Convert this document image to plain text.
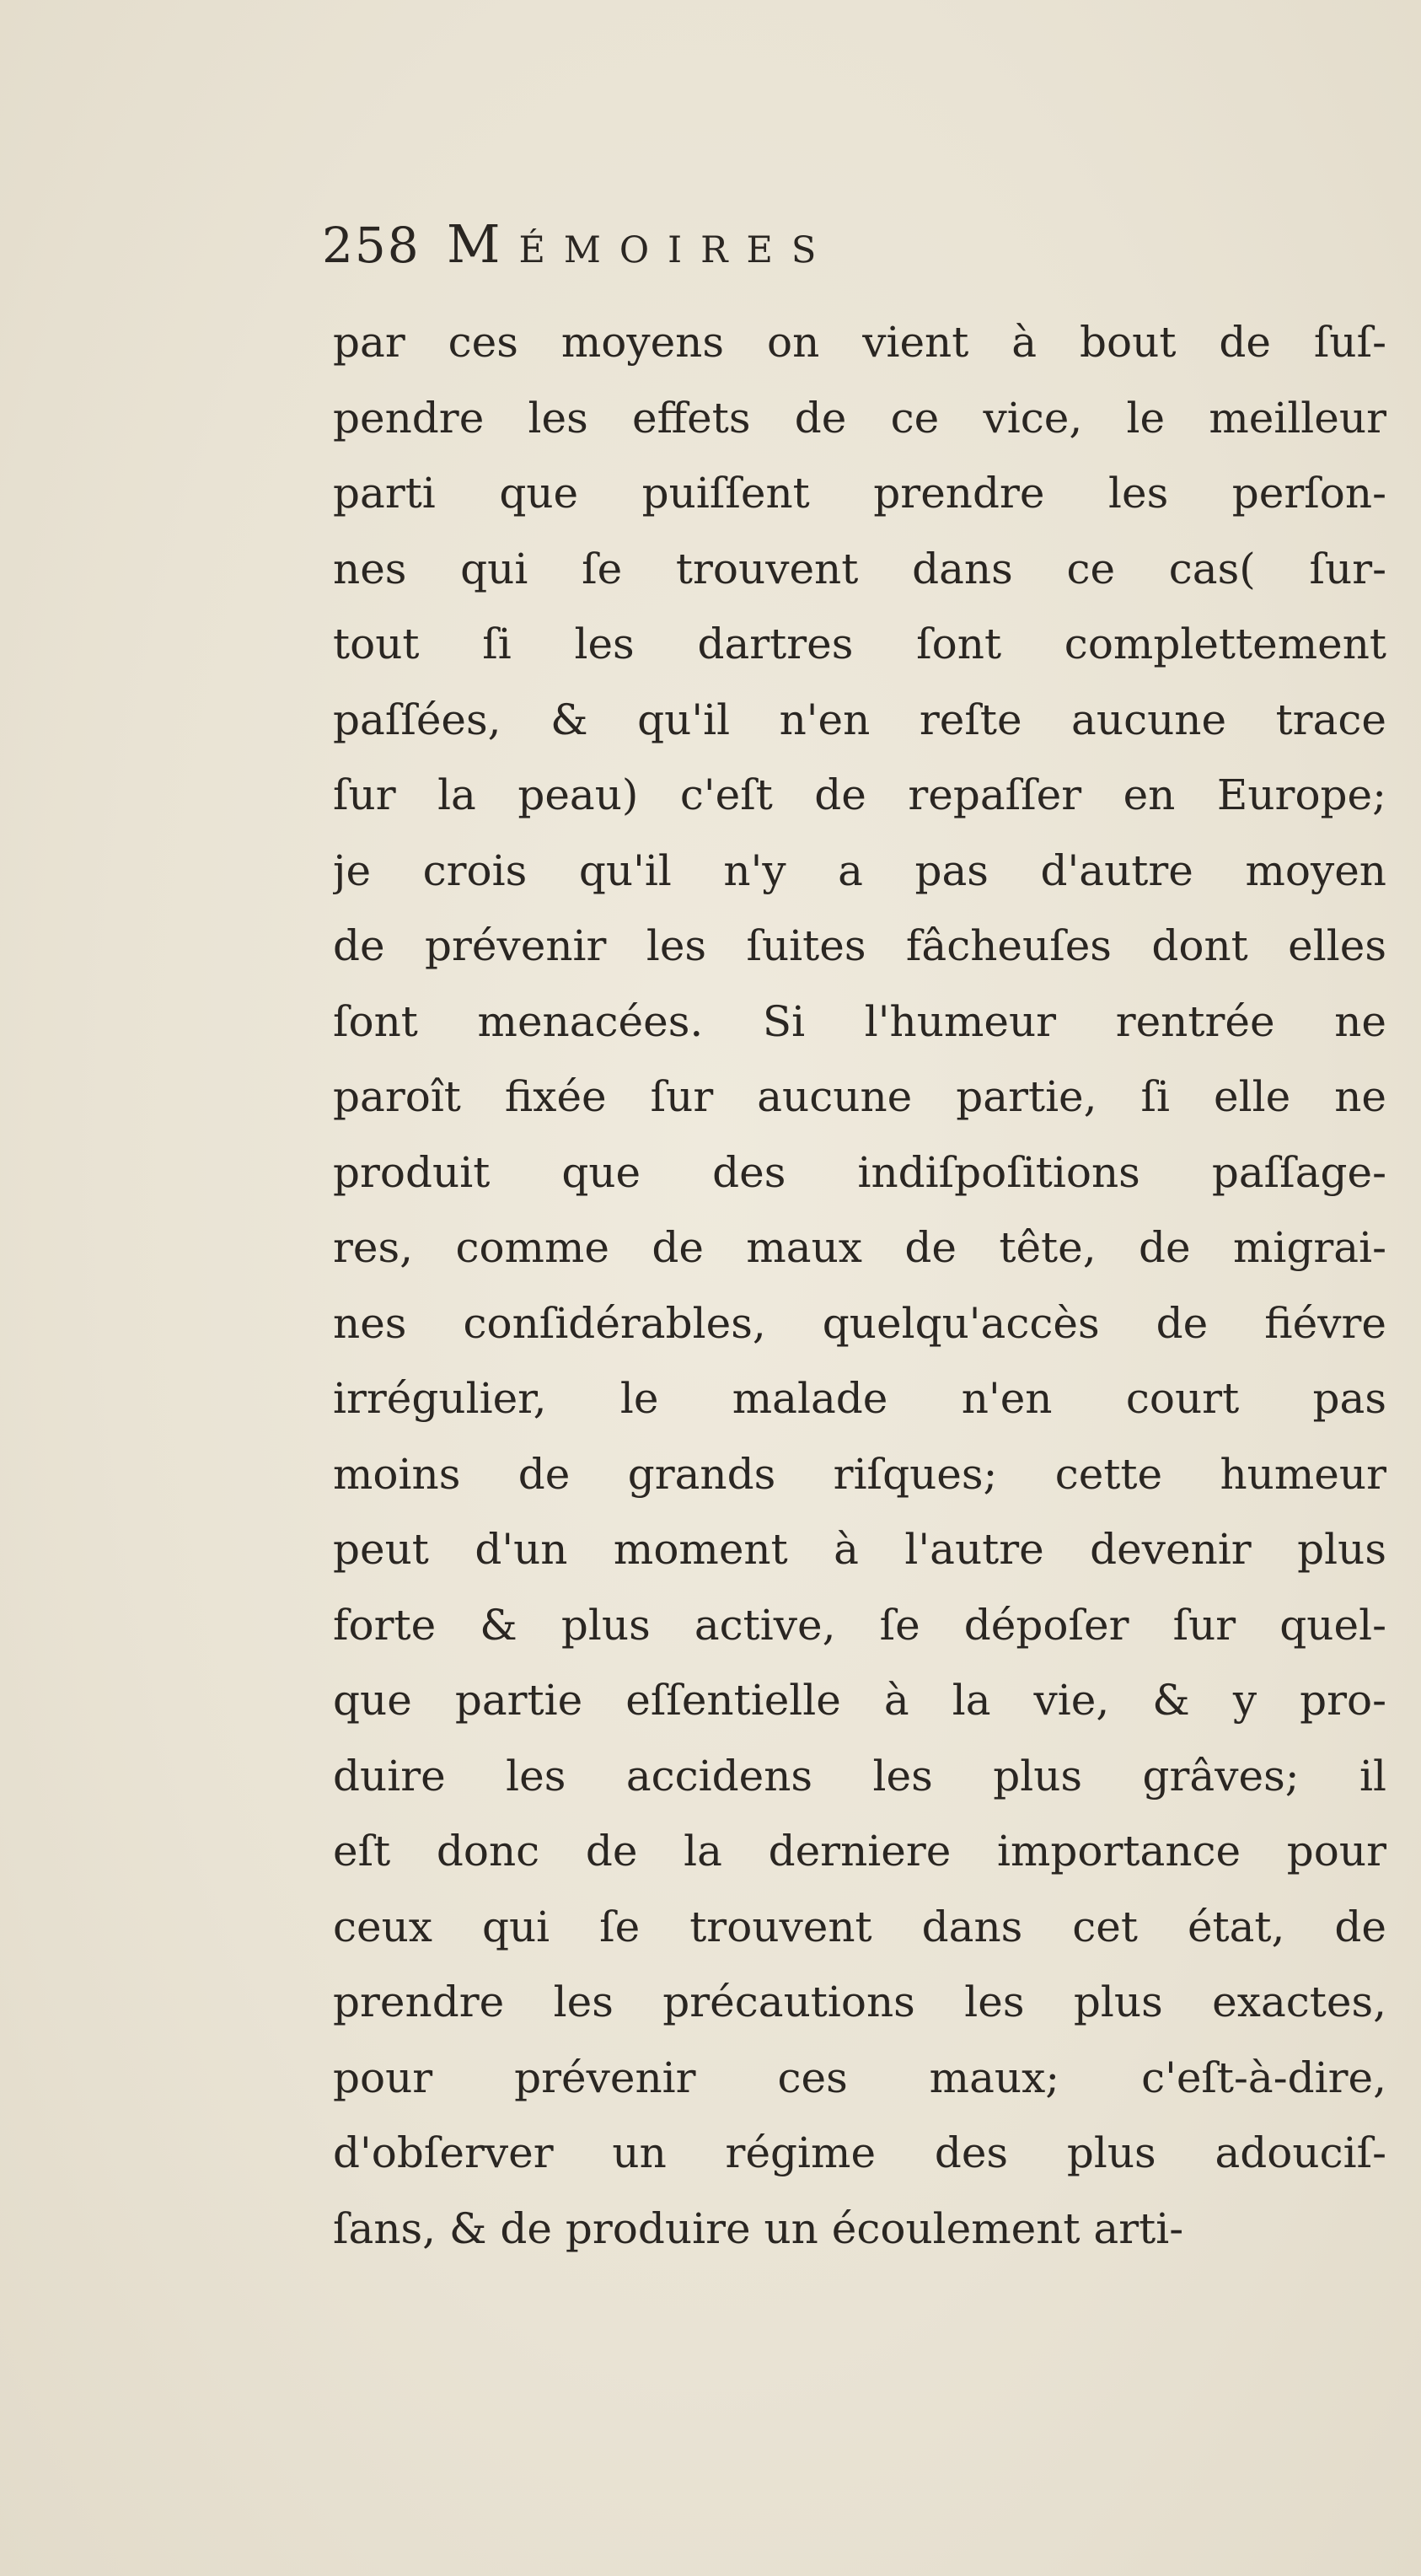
258 Mémoires
par ces moyens on vient à bout de ſuſ-
pendre les effets de ce vice, le meilleur
parti que puiſſent prendre les perſon-
nes qui ſe trouvent dans ce cas( ſur-
tout ſi les dartres ſont complettement
paſſées, & qu'il n'en reſte aucune trace
ſur la peau) c'eſt de repaſſer en Europe;
je crois qu'il n'y a pas d'autre moyen
de prévenir les ſuites fâcheuſes dont elles
ſont menacées. Si l'humeur rentrée ne
paroît fixée ſur aucune partie, ſi elle ne
produit que des indiſpoſitions paſſage-
res, comme de maux de tête, de migrai-
nes conſidérables, quelqu'accès de fiévre
irrégulier, le malade n'en court pas
moins de grands riſques; cette humeur
peut d'un moment à l'autre devenir plus
forte & plus active, ſe dépoſer ſur quel-
que partie eſſentielle à la vie, & y pro-
duire les accidens les plus grâves; il
eſt donc de la derniere importance pour
ceux qui ſe trouvent dans cet état, de
prendre les précautions les plus exactes,
pour prévenir ces maux; c'eſt-à-dire,
d'obſerver un régime des plus adouciſ-
ſans, & de produire un écoulement arti-
